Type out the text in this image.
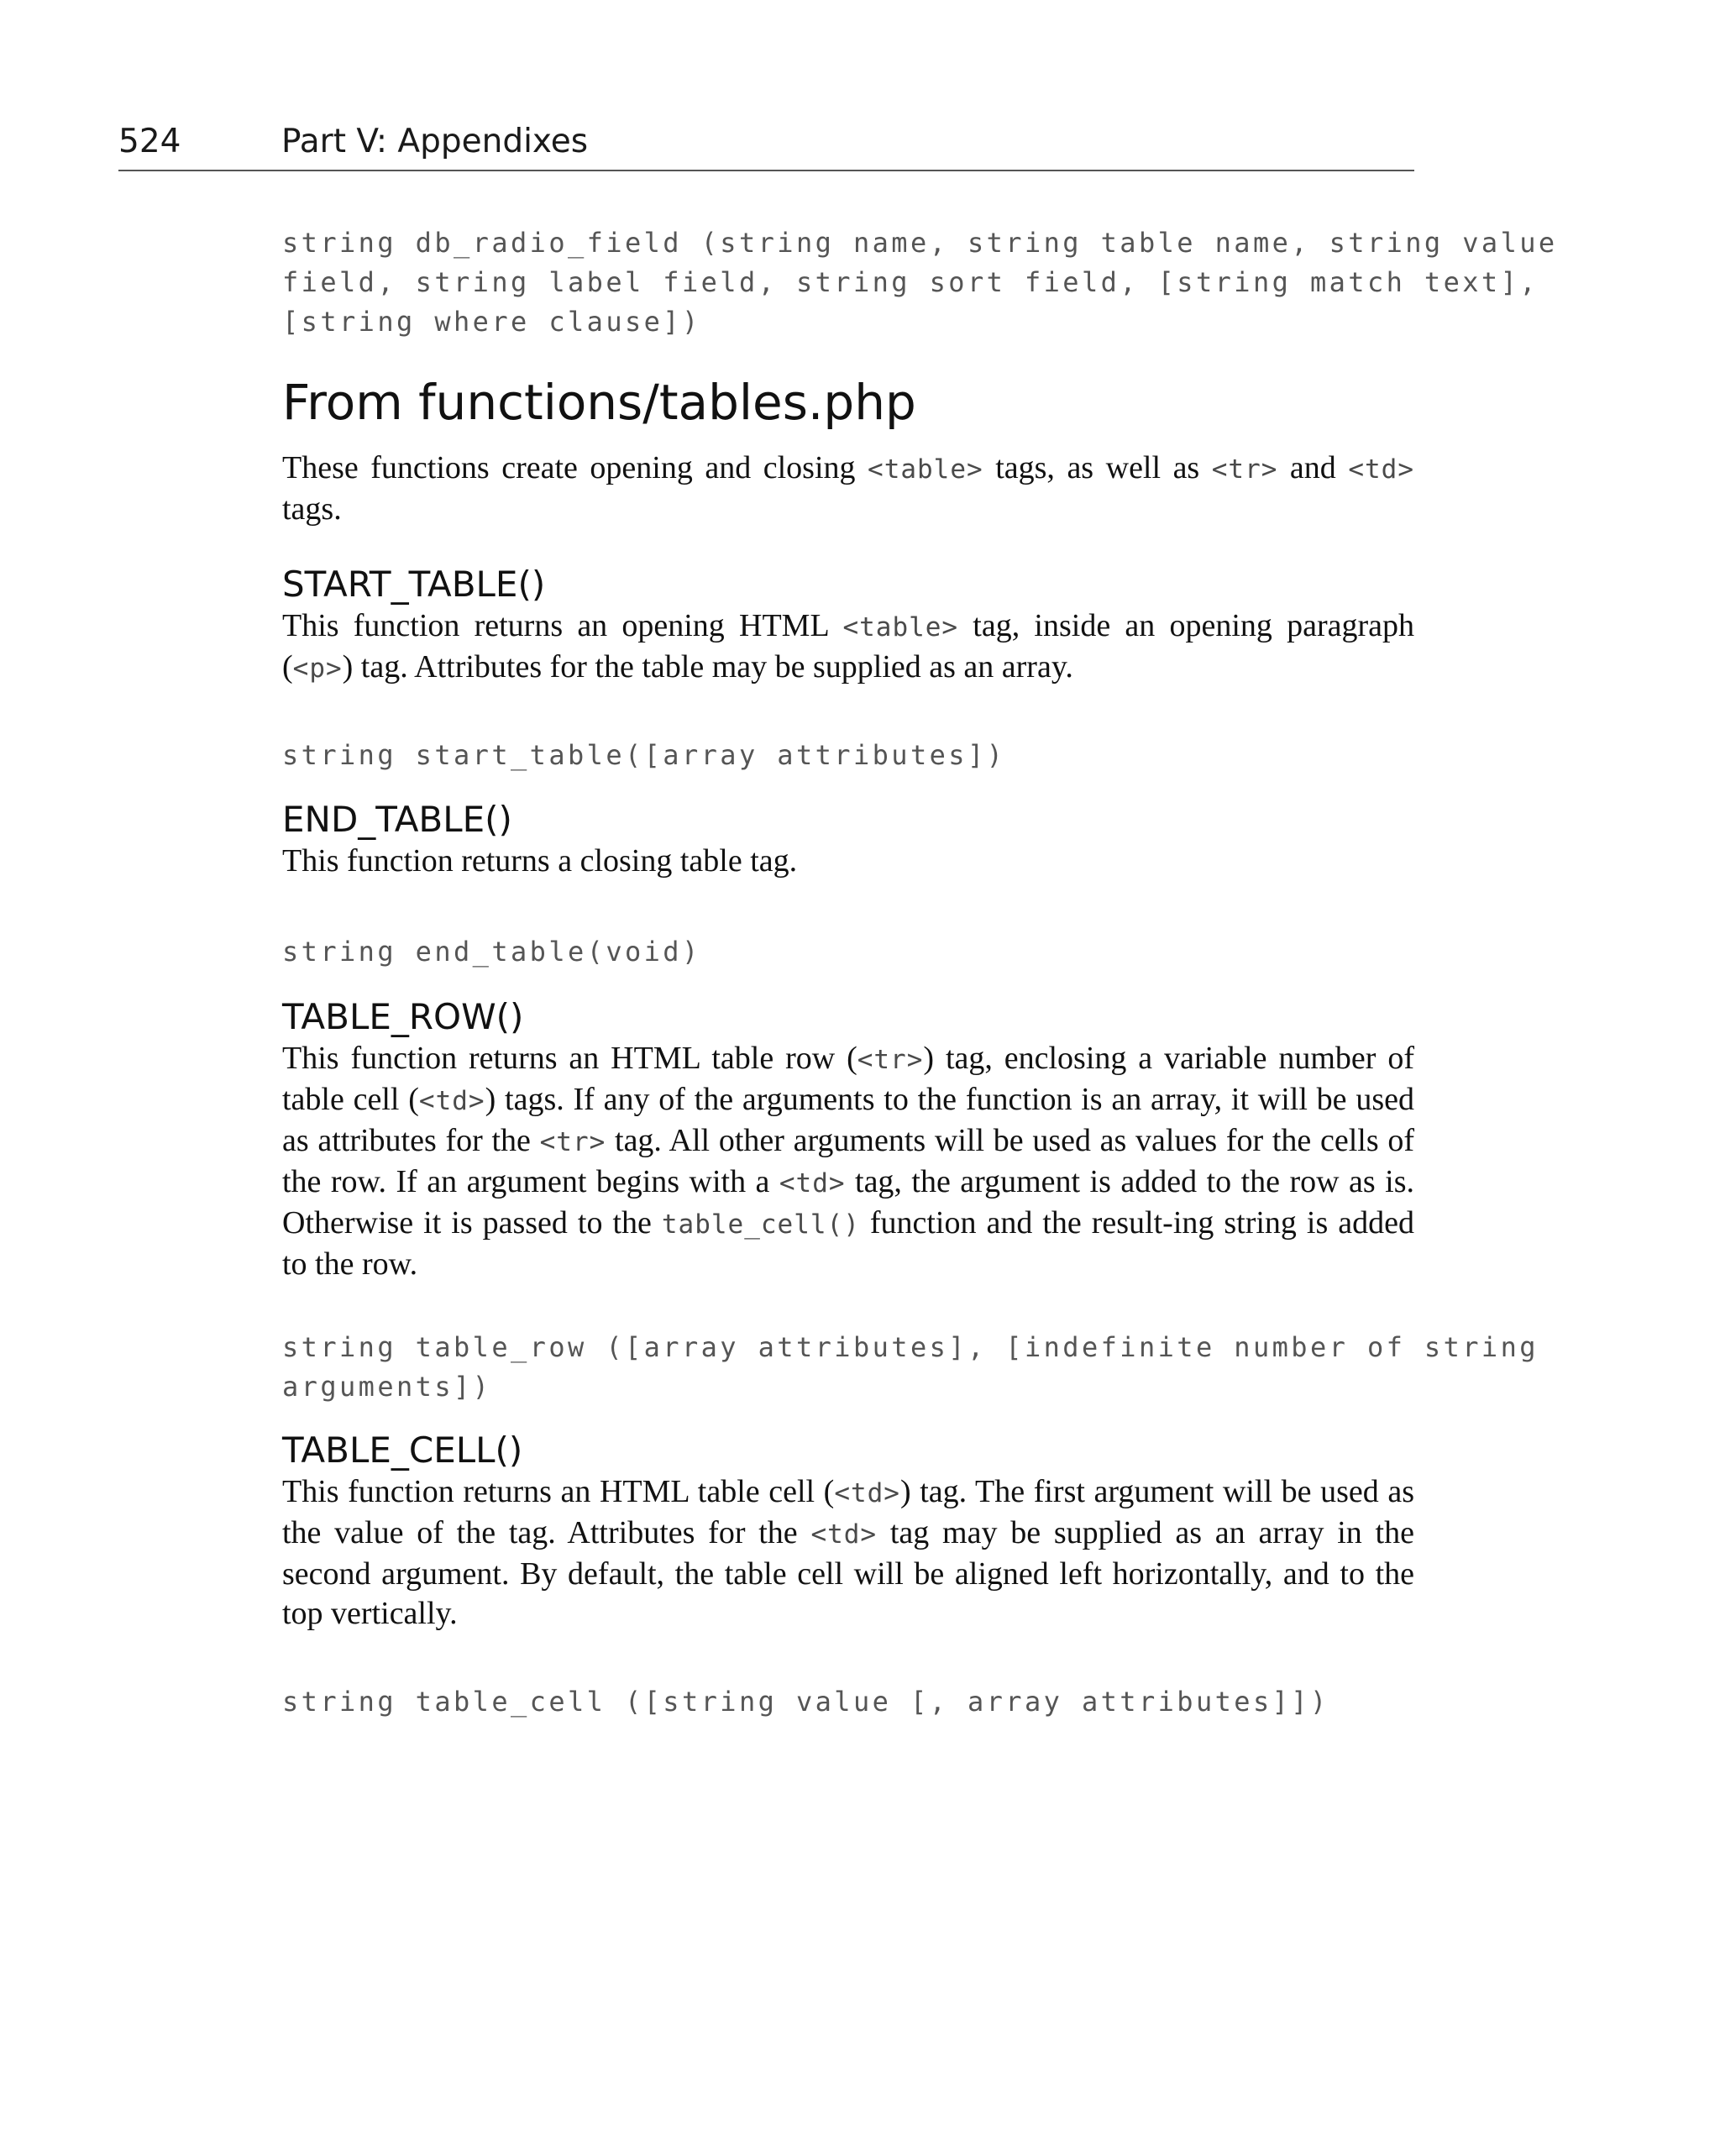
524	Part V: Appendixes

string db_radio_field (string name, string table name, string value
field, string label field, string sort field, [string match text],
[string where clause])

From functions/tables.php

These functions create opening and closing <table> tags, as well as <tr> and <td> tags.

START_TABLE()

This function returns an opening HTML <table> tag, inside an opening paragraph (<p>) tag. Attributes for the table may be supplied as an array.

string start_table([array attributes])

END_TABLE()

This function returns a closing table tag.

string end_table(void)

TABLE_ROW()

This function returns an HTML table row (<tr>) tag, enclosing a variable number of table cell (<td>) tags. If any of the arguments to the function is an array, it will be used as attributes for the <tr> tag. All other arguments will be used as values for the cells of the row. If an argument begins with a <td> tag, the argument is added to the row as is. Otherwise it is passed to the table_cell() function and the result-ing string is added to the row.

string table_row ([array attributes], [indefinite number of string
arguments])

TABLE_CELL()

This function returns an HTML table cell (<td>) tag. The first argument will be used as the value of the tag. Attributes for the <td> tag may be supplied as an array in the second argument. By default, the table cell will be aligned left horizontally, and to the top vertically.

string table_cell ([string value [, array attributes]])
